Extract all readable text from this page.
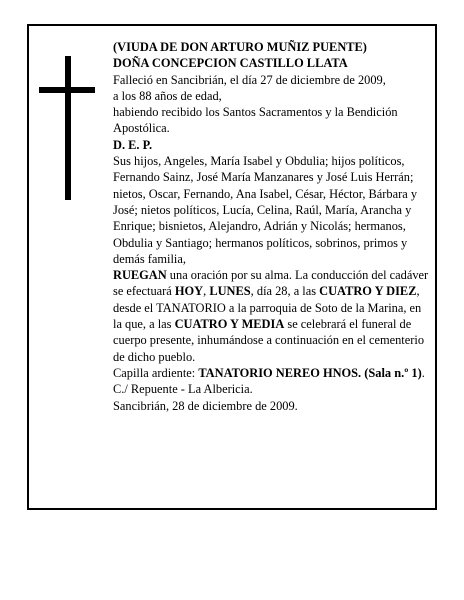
(VIUDA DE DON ARTURO MUÑIZ PUENTE)

DOÑA CONCEPCION CASTILLO LLATA

Falleció en Sancibrián, el día 27 de diciembre de 2009,

a los 88 años de edad,

habiendo recibido los Santos Sacramentos y la Bendición Apostólica.

D. E. P.

Sus hijos, Angeles, María Isabel y Obdulia; hijos políticos, Fernando Sainz, José María Manzanares y José Luis Herrán; nietos, Oscar, Fernando, Ana Isabel, César, Héctor, Bárbara y José; nietos políticos, Lucía, Celina, Raúl, María, Arancha y Enrique; bisnietos, Alejandro, Adrián y Nicolás; hermanos, Obdulia y Santiago; hermanos políticos, sobrinos, primos y demás familia,

RUEGAN una oración por su alma. La conducción del cadáver se efectuará HOY, LUNES, día 28, a las CUATRO Y DIEZ, desde el TANATORIO a la parroquia de Soto de la Marina, en la que, a las CUATRO Y MEDIA se celebrará el funeral de cuerpo presente, inhumándose a continuación en el cementerio de dicho pueblo.

Capilla ardiente: TANATORIO NEREO HNOS. (Sala n.º 1). C./ Repuente - La Albericia.

Sancibrián, 28 de diciembre de 2009.
